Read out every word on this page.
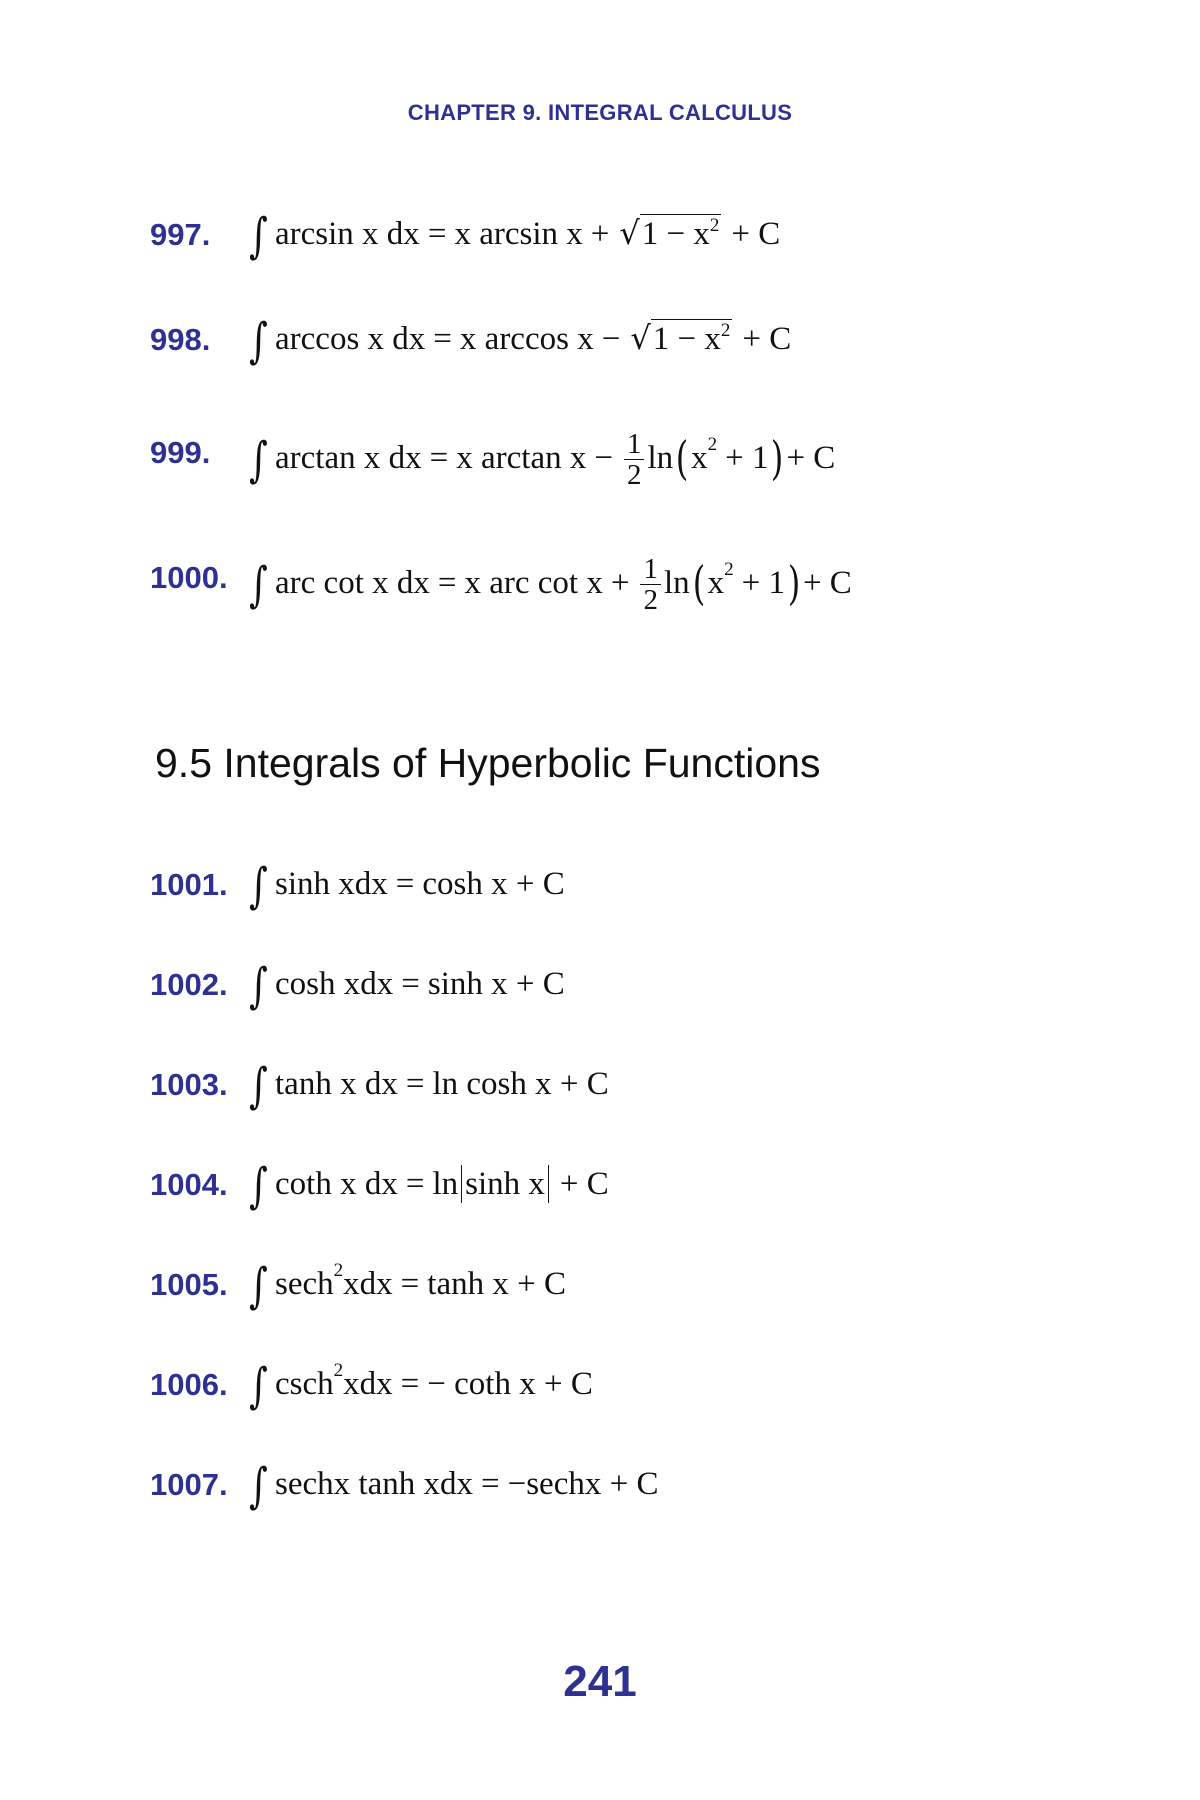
CHAPTER 9. INTEGRAL CALCULUS
997. ∫ arcsin x dx = x arcsin x + √ $1 - x^2 + C$
998. ∫ arccos x dx = x arccos x − √ $1 - x^2 + C$
999. ∫ arctan x dx = x $\arctan x - \frac{1}{2}$ ln ( x 2 + 1 ) + C
1000. ∫ arc cot x dx = x arc $\cot x + \frac{1}{2}$ ln ( x 2 + 1 ) + C
9.5 Integrals of Hyperbolic Functions
1001. ∫ sinh xdx = cosh x + C
1002. ∫ cosh xdx = sinh x + C
1003. ∫ tanh x dx = ln cosh x + C
1004. ∫ coth x dx = ln sinh x + C
1005. ∫ sech 2 xdx = tanh x + C
1006. ∫ csch 2 xdx = − coth x + C
1007. ∫ sechx tanh xdx = −sechx + C
241
